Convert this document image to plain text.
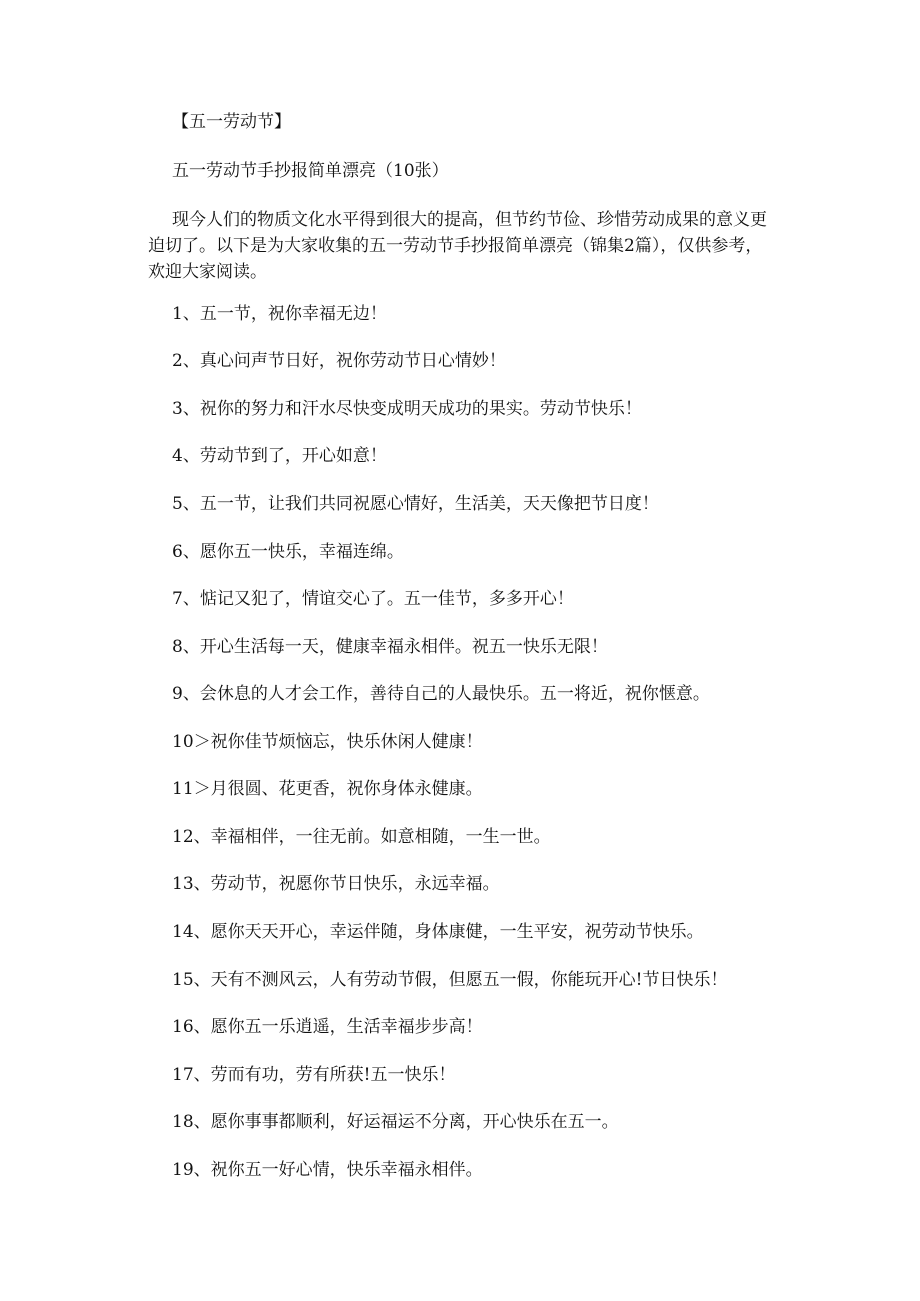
【五一劳动节】

五一劳动节手抄报简单漂亮（10张）

现今人们的物质文化水平得到很大的提高，但节约节俭、珍惜劳动成果的意义更
迫切了。以下是为大家收集的五一劳动节手抄报简单漂亮（锦集2篇），仅供参考，
欢迎大家阅读。

1、五一节，祝你幸福无边！

2、真心问声节日好，祝你劳动节日心情妙！

3、祝你的努力和汗水尽快变成明天成功的果实。劳动节快乐！

4、劳动节到了，开心如意！

5、五一节，让我们共同祝愿心情好，生活美，天天像把节日度！

6、愿你五一快乐，幸福连绵。

7、惦记又犯了，情谊交心了。五一佳节，多多开心！

8、开心生活每一天，健康幸福永相伴。祝五一快乐无限！

9、会休息的人才会工作，善待自己的人最快乐。五一将近，祝你惬意。

10＞祝你佳节烦恼忘，快乐休闲人健康！

11＞月很圆、花更香，祝你身体永健康。

12、幸福相伴，一往无前。如意相随，一生一世。

13、劳动节，祝愿你节日快乐，永远幸福。

14、愿你天天开心，幸运伴随，身体康健，一生平安，祝劳动节快乐。

15、天有不测风云，人有劳动节假，但愿五一假，你能玩开心!节日快乐！

16、愿你五一乐逍遥，生活幸福步步高！

17、劳而有功，劳有所获!五一快乐！

18、愿你事事都顺利，好运福运不分离，开心快乐在五一。

19、祝你五一好心情，快乐幸福永相伴。
